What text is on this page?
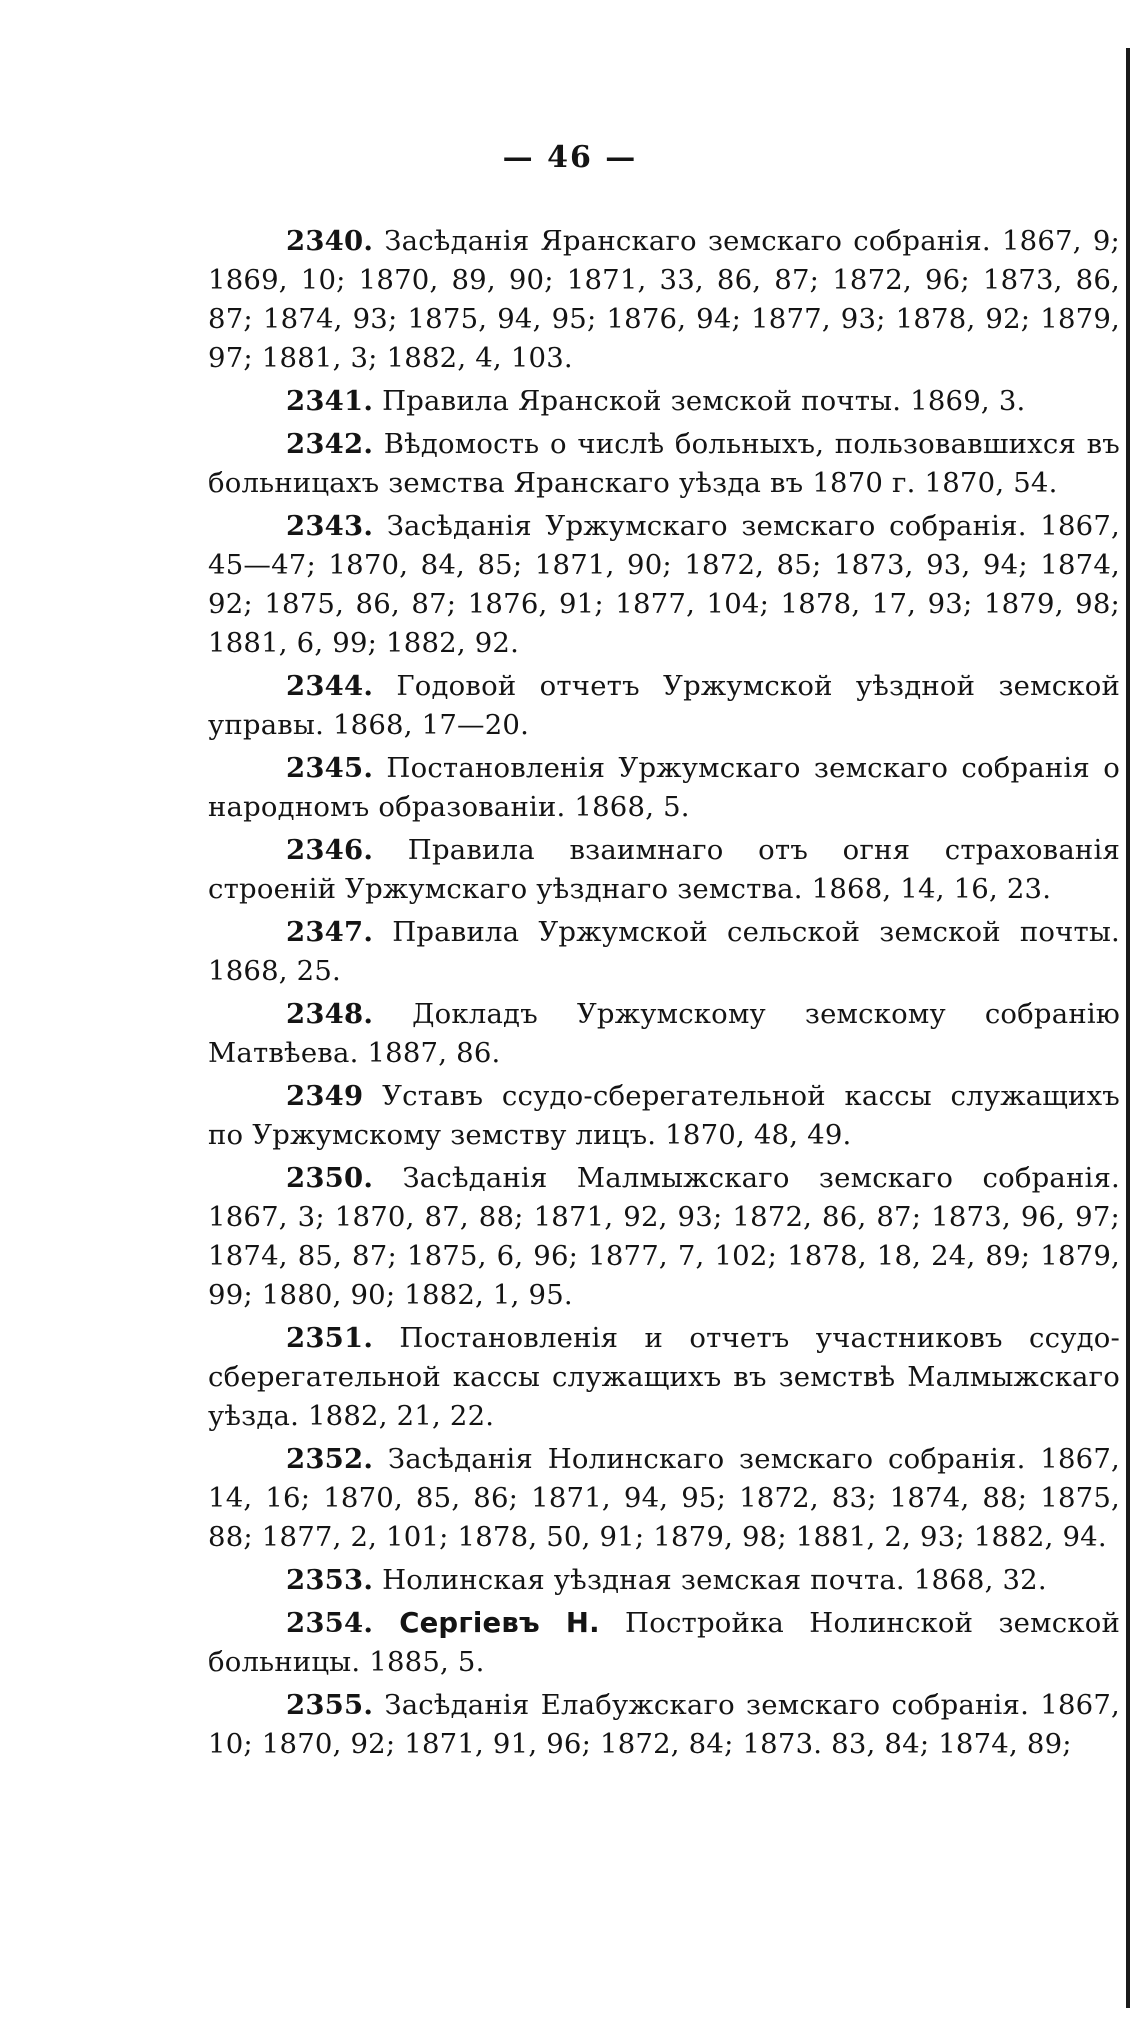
— 46 —

2340. Засѣданія Яранскаго земскаго собранія. 1867, 9; 1869, 10; 1870, 89, 90; 1871, 33, 86, 87; 1872, 96; 1873, 86, 87; 1874, 93; 1875, 94, 95; 1876, 94; 1877, 93; 1878, 92; 1879, 97; 1881, 3; 1882, 4, 103.

2341. Правила Яранской земской почты. 1869, 3.

2342. Вѣдомость о числѣ больныхъ, пользовавшихся въ больницахъ земства Яранскаго уѣзда въ 1870 г. 1870, 54.

2343. Засѣданія Уржумскаго земскаго собранія. 1867, 45—47; 1870, 84, 85; 1871, 90; 1872, 85; 1873, 93, 94; 1874, 92; 1875, 86, 87; 1876, 91; 1877, 104; 1878, 17, 93; 1879, 98; 1881, 6, 99; 1882, 92.

2344. Годовой отчетъ Уржумской уѣздной земской управы. 1868, 17—20.

2345. Постановленія Уржумскаго земскаго собранія о народномъ образованіи. 1868, 5.

2346. Правила взаимнаго отъ огня страхованія строеній Уржумскаго уѣзднаго земства. 1868, 14, 16, 23.

2347. Правила Уржумской сельской земской почты. 1868, 25.

2348. Докладъ Уржумскому земскому собранію Матвѣева. 1887, 86.

2349 Уставъ ссудо-сберегательной кассы служащихъ по Уржумскому земству лицъ. 1870, 48, 49.

2350. Засѣданія Малмыжскаго земскаго собранія. 1867, 3; 1870, 87, 88; 1871, 92, 93; 1872, 86, 87; 1873, 96, 97; 1874, 85, 87; 1875, 6, 96; 1877, 7, 102; 1878, 18, 24, 89; 1879, 99; 1880, 90; 1882, 1, 95.

2351. Постановленія и отчетъ участниковъ ссудо-сберегательной кассы служащихъ въ земствѣ Малмыжскаго уѣзда. 1882, 21, 22.

2352. Засѣданія Нолинскаго земскаго собранія. 1867, 14, 16; 1870, 85, 86; 1871, 94, 95; 1872, 83; 1874, 88; 1875, 88; 1877, 2, 101; 1878, 50, 91; 1879, 98; 1881, 2, 93; 1882, 94.

2353. Нолинская уѣздная земская почта. 1868, 32.

2354. Сергіевъ Н. Постройка Нолинской земской больницы. 1885, 5.

2355. Засѣданія Елабужскаго земскаго собранія. 1867, 10; 1870, 92; 1871, 91, 96; 1872, 84; 1873. 83, 84; 1874, 89;
